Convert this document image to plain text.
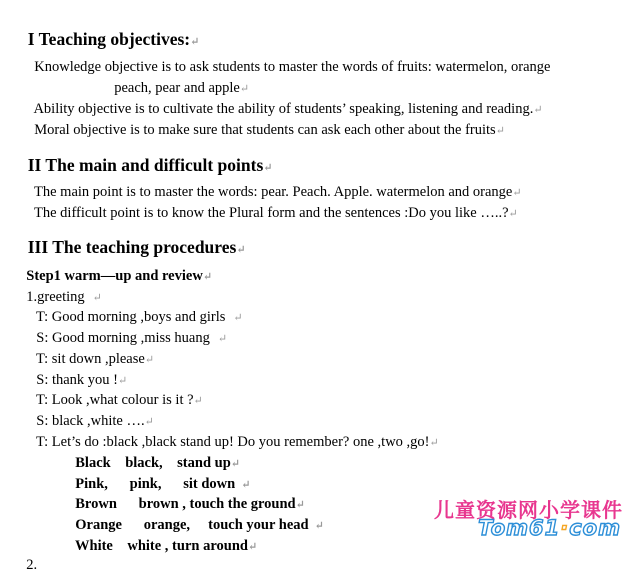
I Teaching objectives:↵

Knowledge objective is to ask students to master the words of fruits: watermelon, orange

peach, pear and apple↵

Ability objective is to cultivate the ability of students’ speaking, listening and reading.↵

Moral objective is to make sure that students can ask each other about the fruits↵

II The main and difficult points↵

The main point is to master the words: pear. Peach. Apple. watermelon and orange↵

The difficult point is to know the Plural form and the sentences :Do you like …..?↵

III The teaching procedures↵

Step1 warm—up and review↵

1.greeting ↵

T: Good morning ,boys and girls ↵

S: Good morning ,miss huang ↵

T: sit down ,please↵

S: thank you !↵

T: Look ,what colour is it ?↵

S: black ,white ….↵

T: Let’s do :black ,black stand up! Do you remember? one ,two ,go!↵

Black    black,    stand up↵

Pink,      pink,      sit down ↵

Brown      brown , touch the ground↵

Orange      orange,     touch your head ↵

White    white , turn around↵

2.

儿童资源网小学课件
Tom61·com
